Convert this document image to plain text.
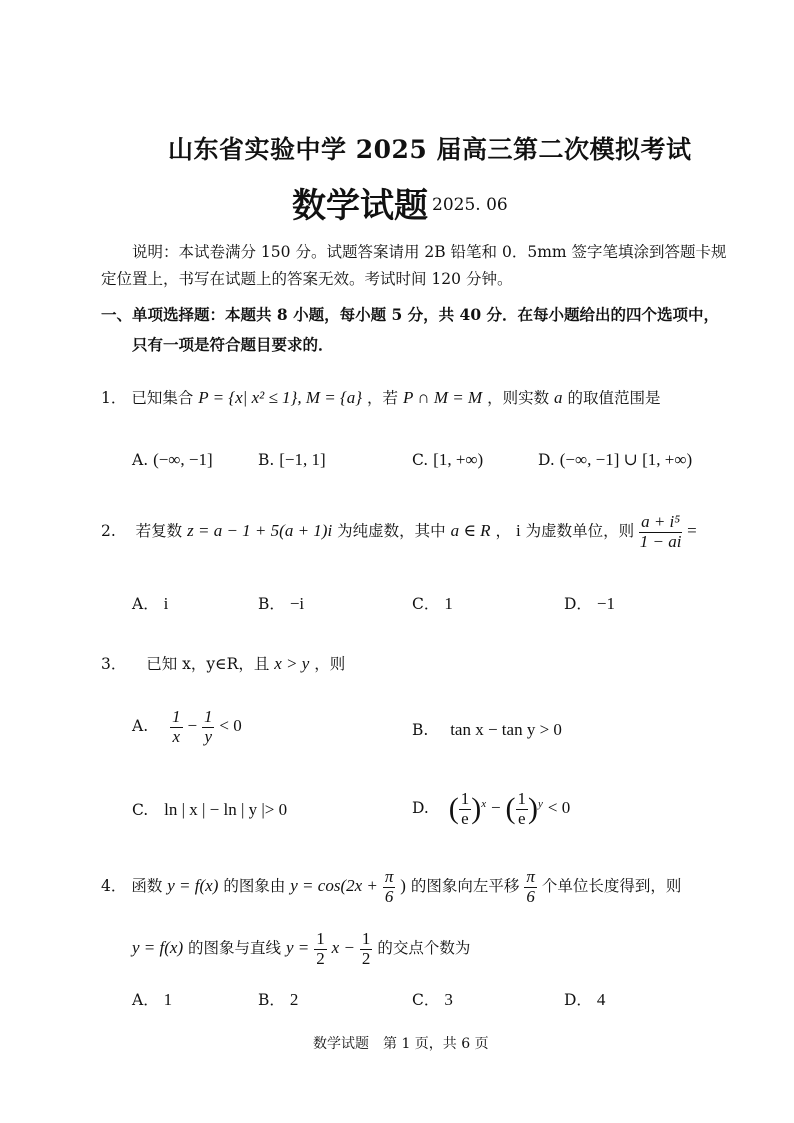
山东省实验中学 2025 届高三第二次模拟考试
数学试题 2025. 06
说明：本试卷满分 150 分。试题答案请用 2B 铅笔和 0．5mm 签字笔填涂到答题卡规
定位置上，书写在试题上的答案无效。考试时间 120 分钟。
一、单项选择题：本题共 8 小题，每小题 5 分，共 40 分．在每小题给出的四个选项中，
只有一项是符合题目要求的．
1． 已知集合 P = {x| x² ≤ 1}, M = {a} ，若 P ∩ M = M ，则实数 a 的取值范围是
A. (−∞, −1]	B. [−1, 1]	C. [1, +∞)	D. (−∞, −1] ∪ [1, +∞)
2. 若复数 z = a − 1 + 5(a + 1)i 为纯虚数，其中 a ∈ R ， i 为虚数单位，则 $\frac{\text{a + i⁵}}{1 - ai}$ =
A． i	B． −i	C． 1	D． −1
3． 已知 x，y∈R，且 x > y ，则
A. $\frac{1}{x} - \frac{1}{y} < 0$	B. tan x − tan y > 0
C. ln | x | − ln | y |> 0	D. ( $\frac{1}{e} )^x$ − ( $\frac{1}{e} )^y < 0$
4． 函数 y = f(x) 的图象由 $y = \cos(2x + \frac{\pi}{6}$ ) 的图象向左平移 $\frac{\pi}{6}$ 个单位长度得到，则
y = f(x) 的图象与直线 $y = \frac{1}{2}$ $x - \frac{1}{2}$ 的交点个数为
A． 1	B． 2	C． 3	D． 4
数学试题　第 1 页，共 6 页
